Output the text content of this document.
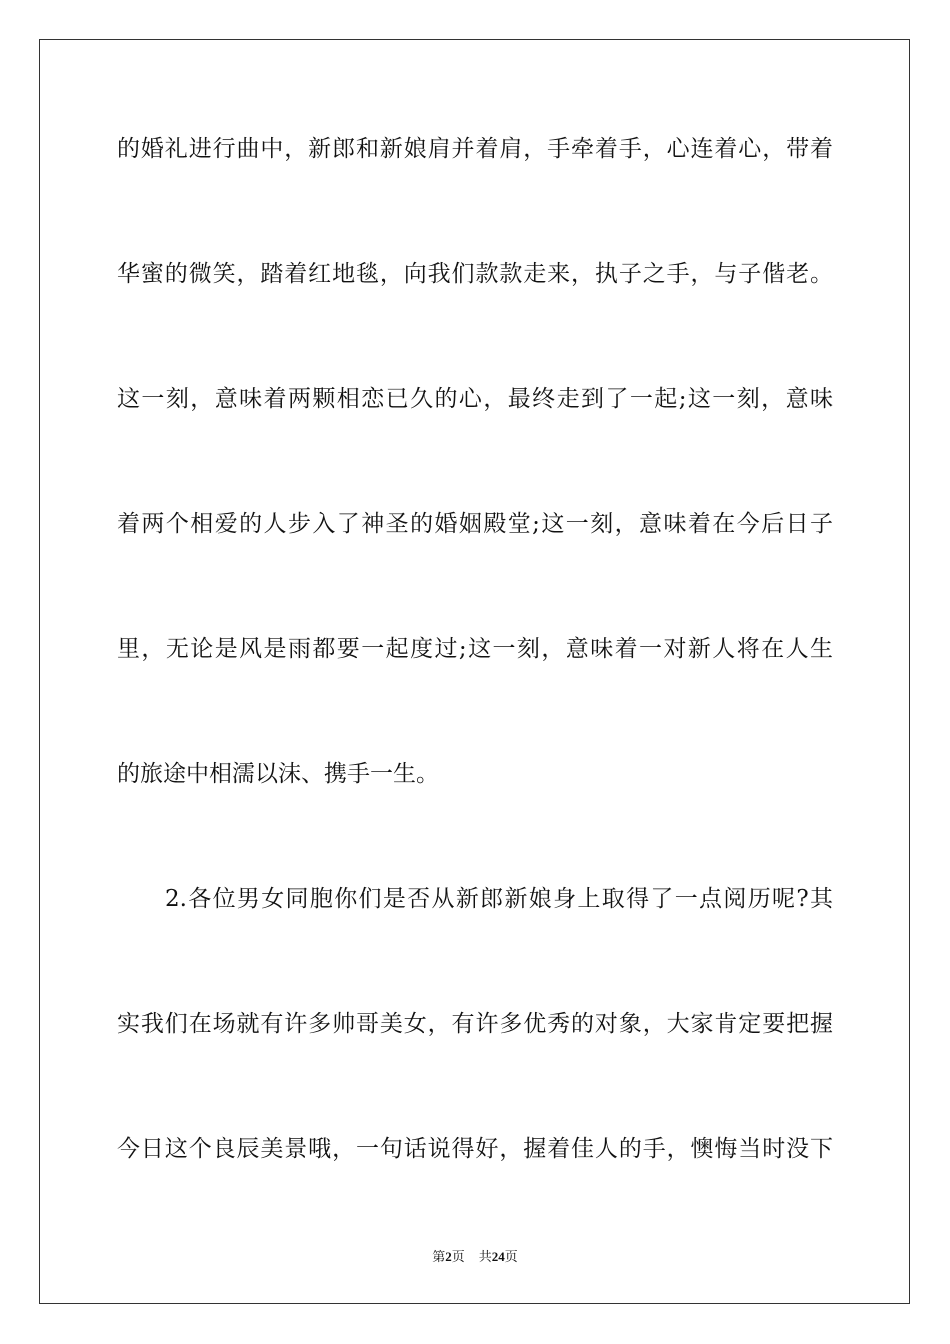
的婚礼进行曲中，新郎和新娘肩并着肩，手牵着手，心连着心，带着
华蜜的微笑，踏着红地毯，向我们款款走来，执子之手，与子偕老。
这一刻，意味着两颗相恋已久的心，最终走到了一起;这一刻，意味
着两个相爱的人步入了神圣的婚姻殿堂;这一刻，意味着在今后日子
里，无论是风是雨都要一起度过;这一刻，意味着一对新人将在人生
的旅途中相濡以沫、携手一生。
2.各位男女同胞你们是否从新郎新娘身上取得了一点阅历呢?其
实我们在场就有许多帅哥美女，有许多优秀的对象，大家肯定要把握
今日这个良辰美景哦，一句话说得好，握着佳人的手，懊悔当时没下
第2页 共24页
